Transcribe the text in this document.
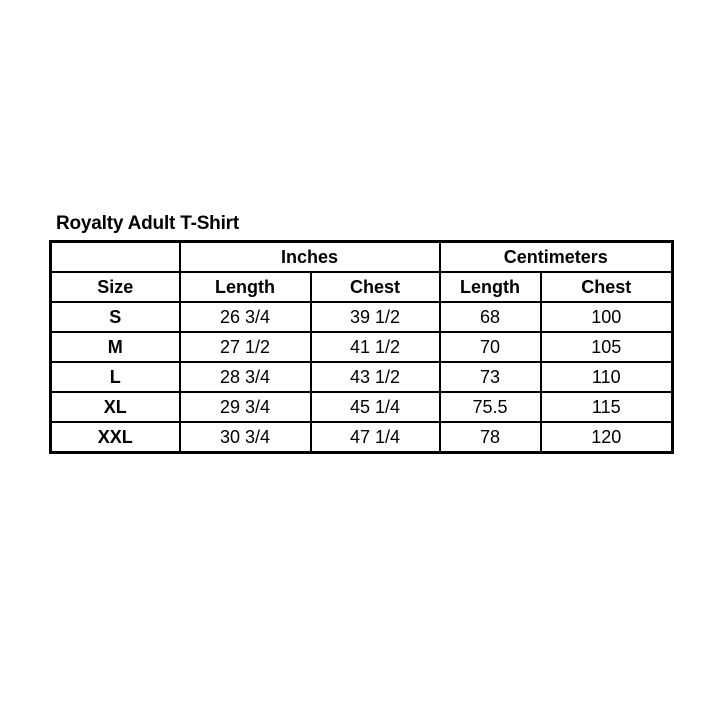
Royalty Adult T-Shirt
	Inches		Centimeters	
Size	Length	Chest	Length	Chest
S	26 3/4	39 1/2	68	100
M	27 1/2	41 1/2	70	105
L	28 3/4	43 1/2	73	110
XL	29 3/4	45 1/4	75.5	115
XXL	30 3/4	47 1/4	78	120
